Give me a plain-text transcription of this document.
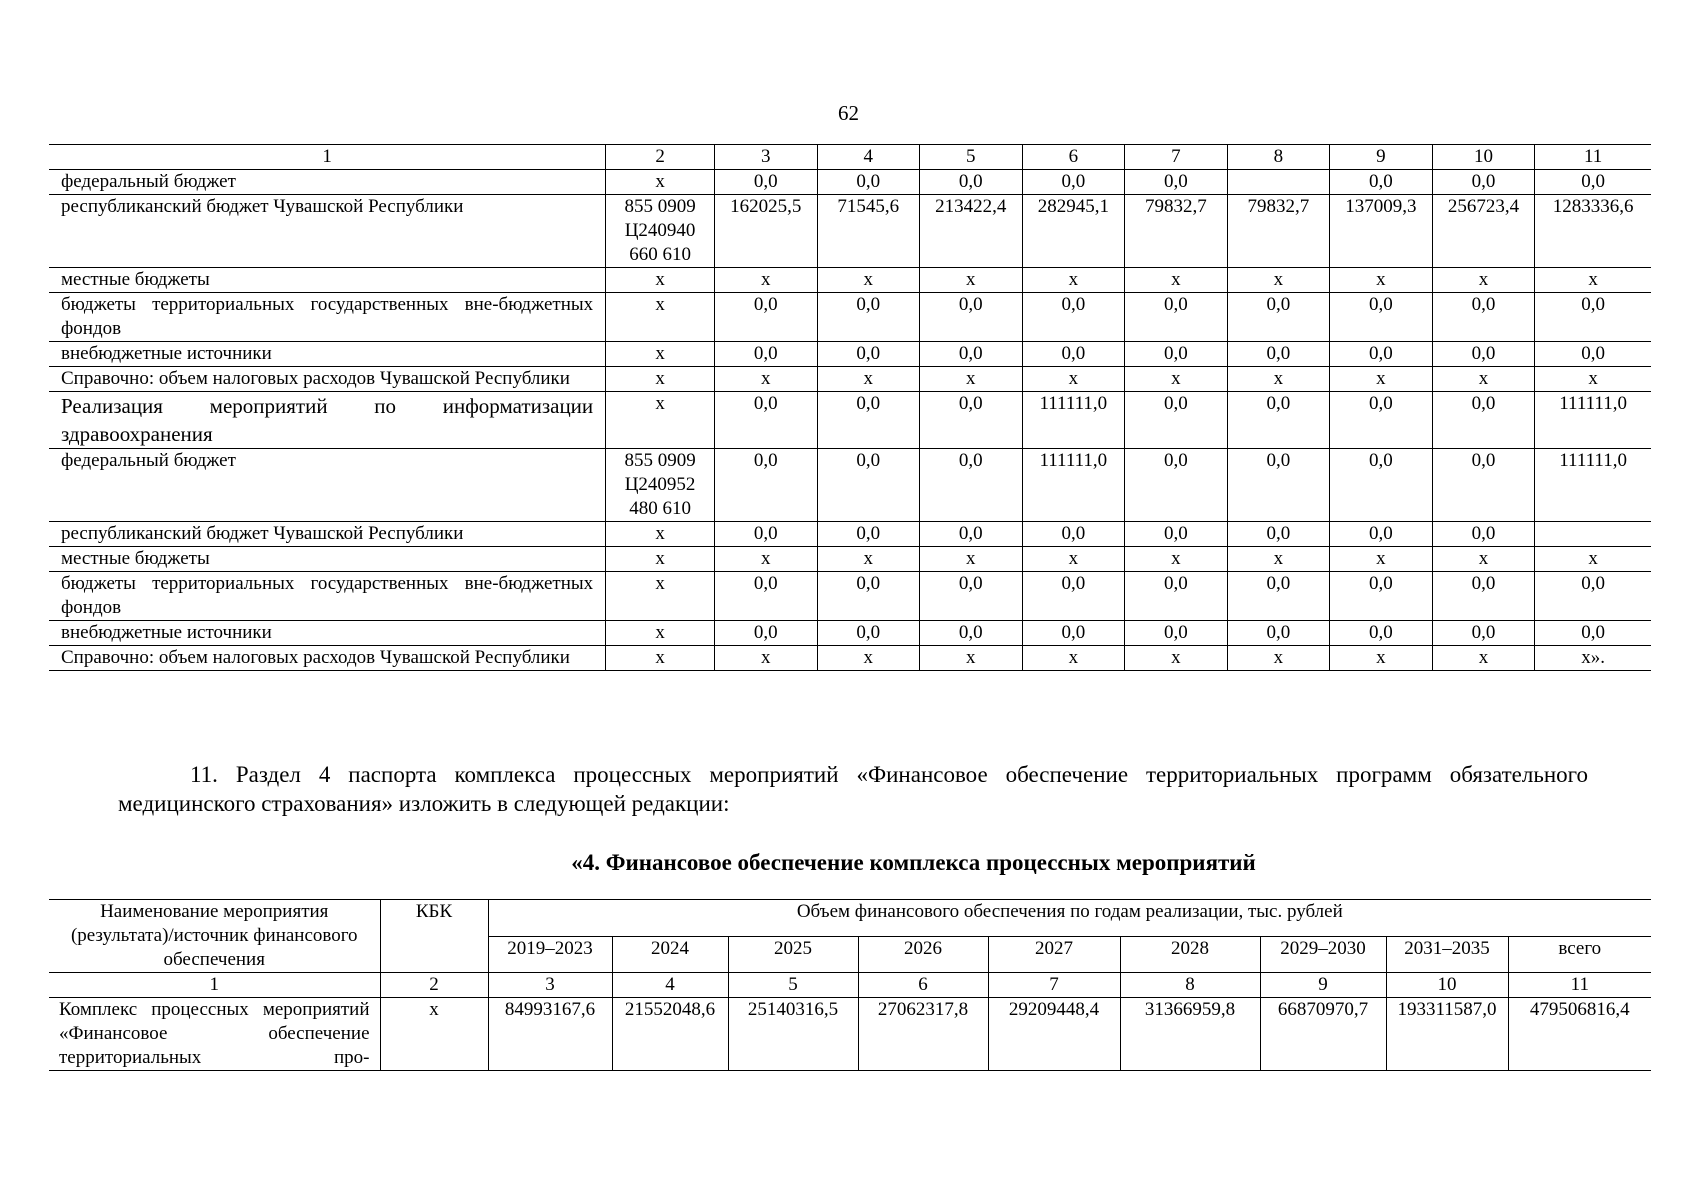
62
1	2	3	4	5	6	7	8	9	10	11
федеральный бюджет	х	0,0	0,0	0,0	0,0	0,0		0,0	0,0	0,0
республиканский бюджет Чувашской Республики	855 0909
Ц240940
660 610	162025,5	71545,6	213422,4	282945,1	79832,7	79832,7	137009,3	256723,4	1283336,6
местные бюджеты	х	х	х	х	х	х	х	х	х	х
бюджеты территориальных государственных вне-бюджетных фондов	х	0,0	0,0	0,0	0,0	0,0	0,0	0,0	0,0	0,0
внебюджетные источники	х	0,0	0,0	0,0	0,0	0,0	0,0	0,0	0,0	0,0
Справочно: объем налоговых расходов Чувашской Республики	х	х	х	х	х	х	х	х	х	х
Реализация мероприятий по информатизации здравоохранения	х	0,0	0,0	0,0	111111,0	0,0	0,0	0,0	0,0	111111,0
федеральный бюджет	855 0909
Ц240952
480 610	0,0	0,0	0,0	111111,0	0,0	0,0	0,0	0,0	111111,0
республиканский бюджет Чувашской Республики	х	0,0	0,0	0,0	0,0	0,0	0,0	0,0	0,0	
местные бюджеты	х	х	х	х	х	х	х	х	х	х
бюджеты территориальных государственных вне-бюджетных фондов	х	0,0	0,0	0,0	0,0	0,0	0,0	0,0	0,0	0,0
внебюджетные источники	х	0,0	0,0	0,0	0,0	0,0	0,0	0,0	0,0	0,0
Справочно: объем налоговых расходов Чувашской Республики	х	х	х	х	х	х	х	х	х	х».
11. Раздел 4 паспорта комплекса процессных мероприятий «Финансовое обеспечение территориальных программ обязательного медицинского страхования» изложить в следующей редакции:
«4. Финансовое обеспечение комплекса процессных мероприятий
Наименование мероприятия (результата)/источник финансового обеспечения	КБК	Объем финансового обеспечения по годам реализации, тыс. рублей								
		2019–2023	2024	2025	2026	2027	2028	2029–2030	2031–2035	всего
1	2	3	4	5	6	7	8	9	10	11
Комплекс процессных мероприятий «Финансовое обеспечение территориальных про-	х	84993167,6	21552048,6	25140316,5	27062317,8	29209448,4	31366959,8	66870970,7	193311587,0	479506816,4
